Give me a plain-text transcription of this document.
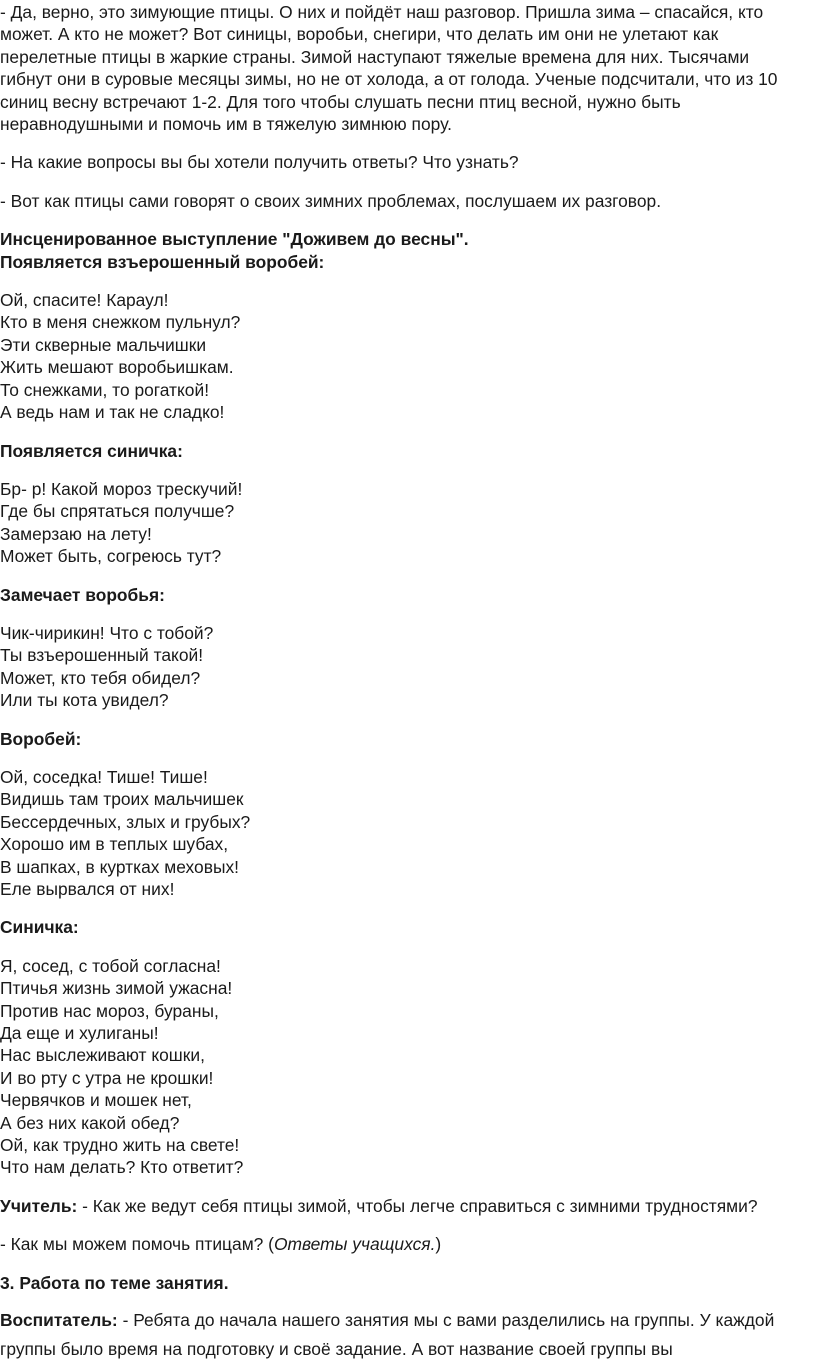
- Да, верно, это зимующие птицы. О них и пойдёт наш разговор. Пришла зима – спасайся, кто может. А кто не может? Вот синицы, воробьи, снегири, что делать им они не улетают как перелетные птицы в жаркие страны. Зимой наступают тяжелые времена для них. Тысячами гибнут они в суровые месяцы зимы, но не от холода, а от голода. Ученые подсчитали, что из 10 синиц весну встречают 1-2. Для того чтобы слушать песни птиц весной, нужно быть неравнодушными и помочь им в тяжелую зимнюю пору.

- На какие вопросы вы бы хотели получить ответы? Что узнать?

- Вот как птицы сами говорят о своих зимних проблемах, послушаем их разговор.

Инсценированное выступление "Доживем до весны".

Появляется взъерошенный воробей:

Ой, спасите! Караул!
Кто в меня снежком пульнул?
Эти скверные мальчишки
Жить мешают воробьишкам.
То снежками, то рогаткой!
А ведь нам и так не сладко!

Появляется синичка:

Бр- р! Какой мороз трескучий!
Где бы спрятаться получше?
Замерзаю на лету!
Может быть, согреюсь тут?

Замечает воробья:

Чик-чирикин! Что с тобой?
Ты взъерошенный такой!
Может, кто тебя обидел?
Или ты кота увидел?

Воробей:

Ой, соседка! Тише! Тише!
Видишь там троих мальчишек
Бессердечных, злых и грубых?
Хорошо им в теплых шубах,
В шапках, в куртках меховых!
Еле вырвался от них!

Синичка:

Я, сосед, с тобой согласна!
Птичья жизнь зимой ужасна!
Против нас мороз, бураны,
Да еще и хулиганы!
Нас выслеживают кошки,
И во рту с утра не крошки!
Червячков и мошек нет,
А без них какой обед?
Ой, как трудно жить на свете!
Что нам делать? Кто ответит?

Учитель: - Как же ведут себя птицы зимой, чтобы легче справиться с зимними трудностями?

- Как мы можем помочь птицам? (Ответы учащихся.)

3. Работа по теме занятия.

Воспитатель: - Ребята до начала нашего занятия мы с вами разделились на группы. У каждой группы было время на подготовку и своё задание. А вот название своей группы вы
